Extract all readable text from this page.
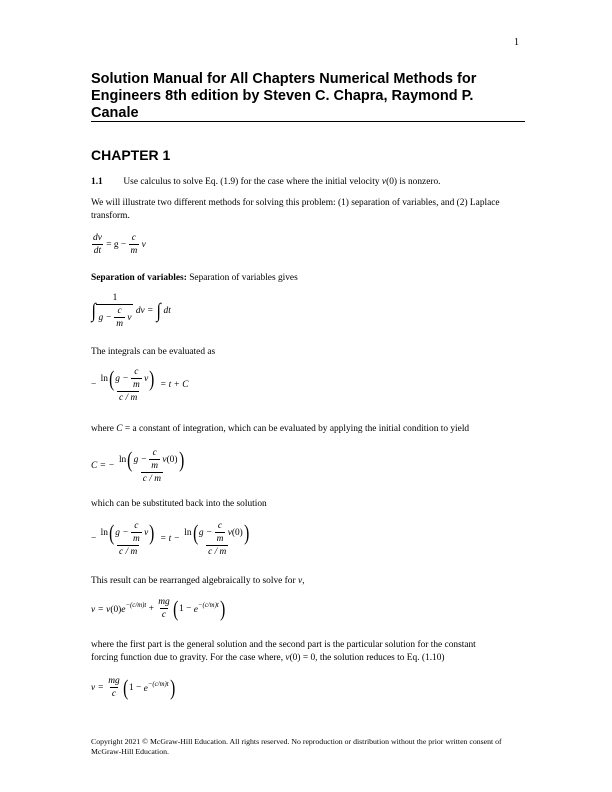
1
Solution Manual for All Chapters Numerical Methods for Engineers 8th edition by Steven C. Chapra, Raymond P. Canale
CHAPTER 1
1.1 Use calculus to solve Eq. (1.9) for the case where the initial velocity v(0) is nonzero.
We will illustrate two different methods for solving this problem: (1) separation of variables, and (2) Laplace transform.
$\frac{dv}{dt} = g - \frac{c}{m}$ v
Separation of variables: Separation of variables gives
∫ $\frac{1}{g - \frac{c}{m} v}$ dv = ∫ dt
The integrals can be evaluated as
− $\frac{\ln ( g - \frac{c}{m} v )}{c / m} = t + C$
where C = a constant of integration, which can be evaluated by applying the initial condition to yield
C = − $\frac{\ln ( g - \frac{c}{m} v (0) )}{c / m}$
which can be substituted back into the solution
− $\frac{\ln ( g - \frac{c}{m} v )}{c / m} = t - \frac{\ln ( g - \frac{c}{m} v (0) )}{c / m}$
This result can be rearranged algebraically to solve for v,
$v = v(0)e^{-(c/m)t} + \frac{mg}{c}$ ( $1 - e^{-(c/m)t}$ )
where the first part is the general solution and the second part is the particular solution for the constant
forcing function due to gravity. For the case where, v(0) = 0, the solution reduces to Eq. (1.10)
$v = \frac{mg}{c}$ ( $1 - e^{-(c/m)t}$ )
Copyright 2021 © McGraw-Hill Education. All rights reserved. No reproduction or distribution without the prior written consent of McGraw-Hill Education.
